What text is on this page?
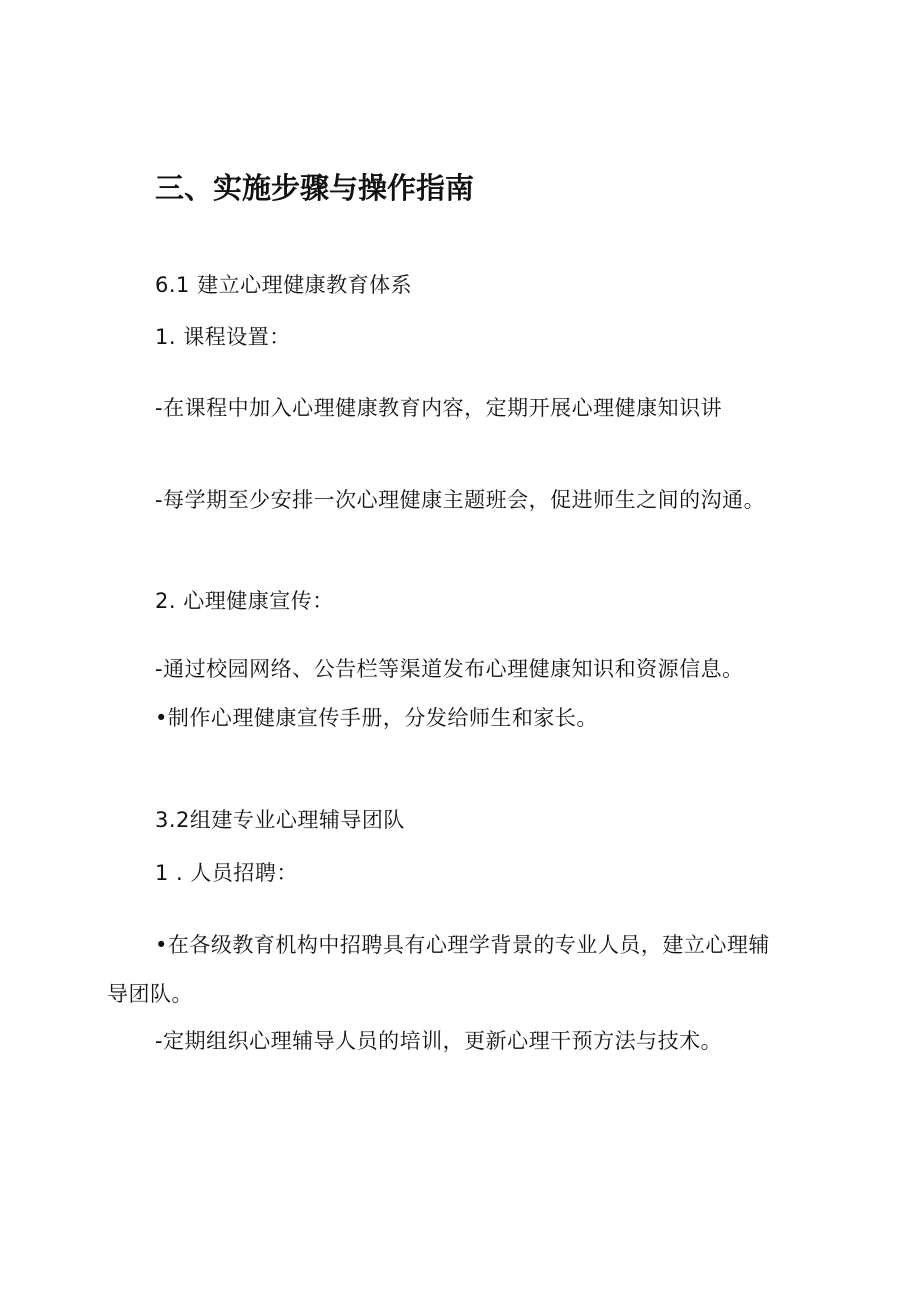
三、实施步骤与操作指南
6.1 建立心理健康教育体系
1. 课程设置：
-在课程中加入心理健康教育内容，定期开展心理健康知识讲
-每学期至少安排一次心理健康主题班会，促进师生之间的沟通。
2. 心理健康宣传：
-通过校园网络、公告栏等渠道发布心理健康知识和资源信息。
•制作心理健康宣传手册，分发给师生和家长。
3.2组建专业心理辅导团队
1 . 人员招聘：
•在各级教育机构中招聘具有心理学背景的专业人员，建立心理辅
导团队。
-定期组织心理辅导人员的培训，更新心理干预方法与技术。
